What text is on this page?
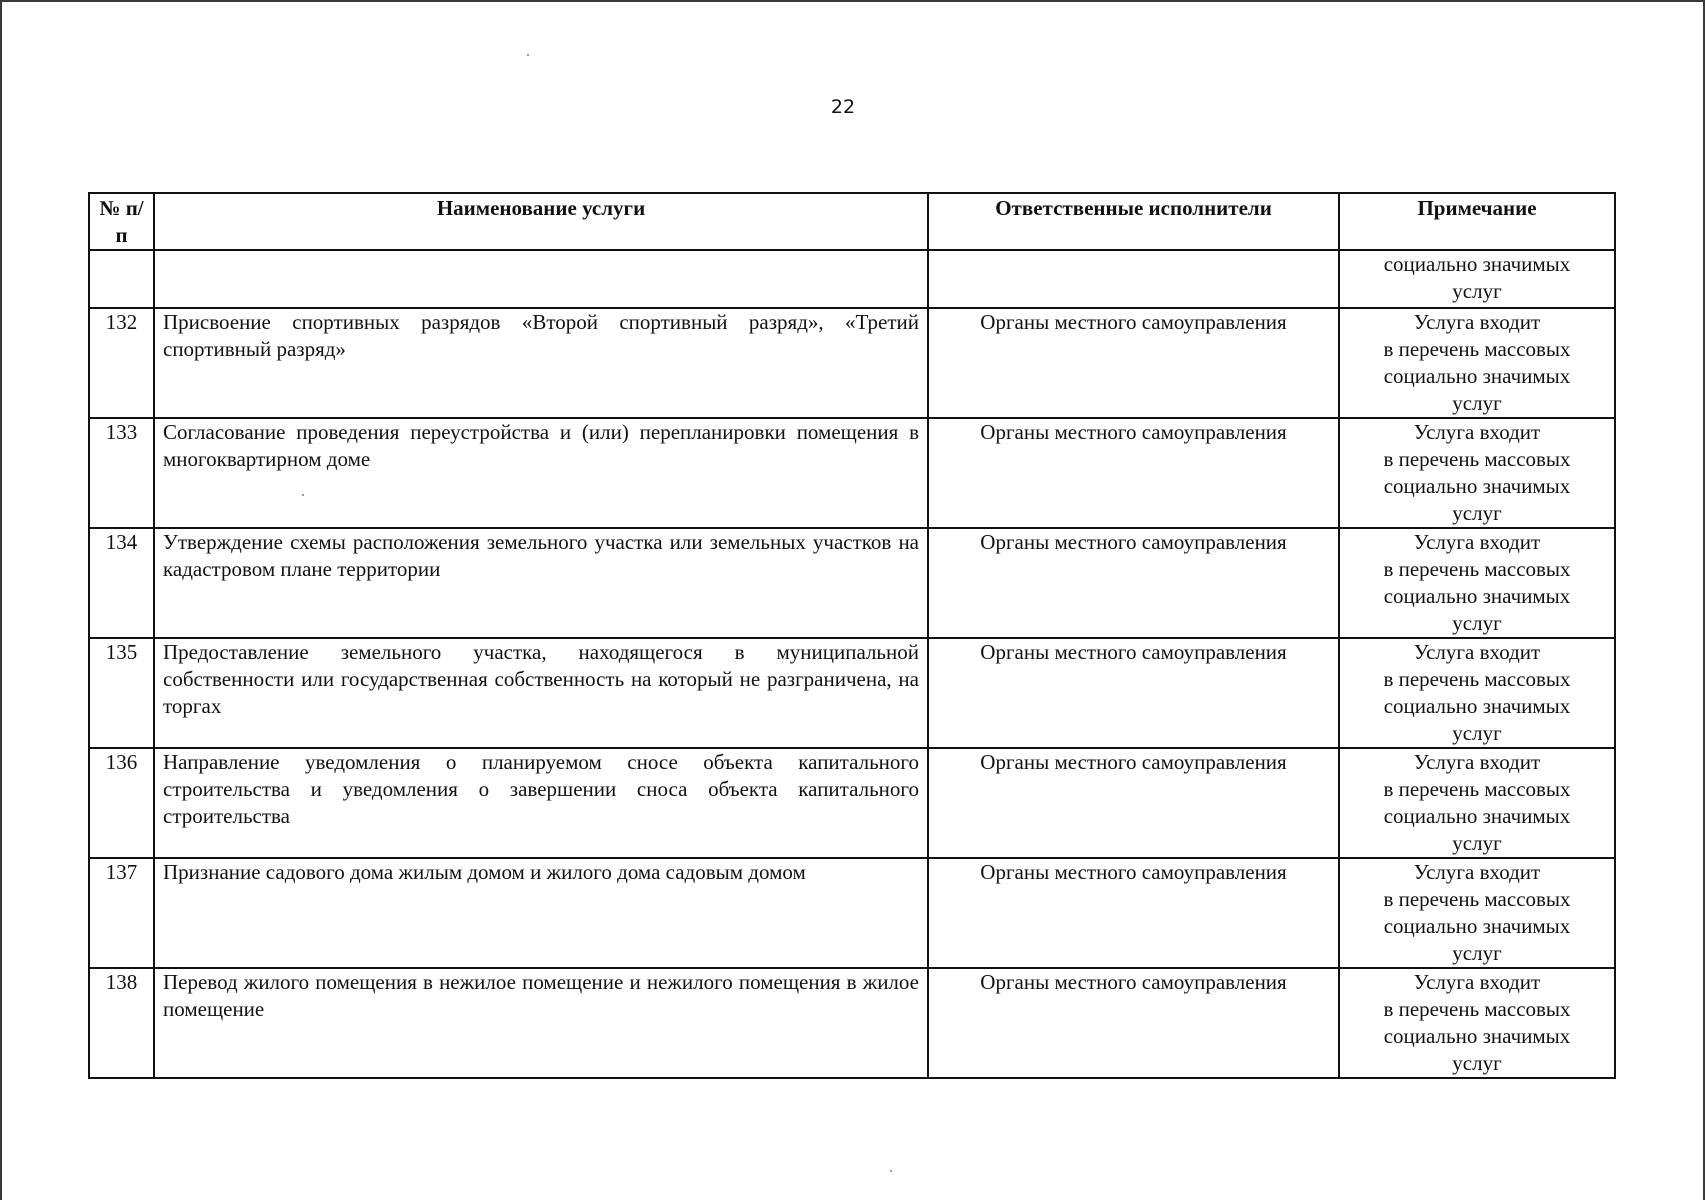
22
№ п/п	Наименование услуги	Ответственные исполнители	Примечание

			социально значимых
услуг

132	Присвоение спортивных разрядов «Второй спортивный разряд», «Третий спортивный разряд»	Органы местного самоуправления	Услуга входит
в перечень массовых
социально значимых
услуг

133	Согласование проведения переустройства и (или) перепланировки помещения в многоквартирном доме	Органы местного самоуправления	Услуга входит
в перечень массовых
социально значимых
услуг

134	Утверждение схемы расположения земельного участка или земельных участков на кадастровом плане территории	Органы местного самоуправления	Услуга входит
в перечень массовых
социально значимых
услуг

135	Предоставление земельного участка, находящегося в муниципальной собственности или государственная собственность на который не разграничена, на торгах	Органы местного самоуправления	Услуга входит
в перечень массовых
социально значимых
услуг

136	Направление уведомления о планируемом сносе объекта капитального строительства и уведомления о завершении сноса объекта капитального строительства	Органы местного самоуправления	Услуга входит
в перечень массовых
социально значимых
услуг

137	Признание садового дома жилым домом и жилого дома садовым домом	Органы местного самоуправления	Услуга входит
в перечень массовых
социально значимых
услуг

138	Перевод жилого помещения в нежилое помещение и нежилого помещения в жилое помещение	Органы местного самоуправления	Услуга входит
в перечень массовых
социально значимых
услуг
